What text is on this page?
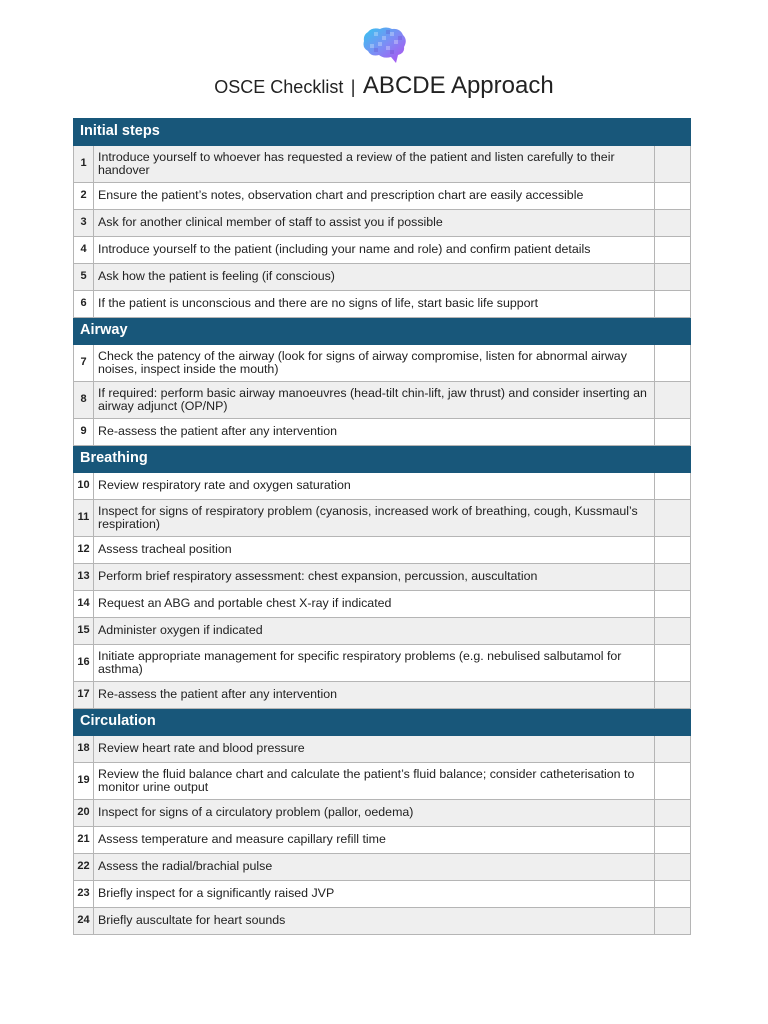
OSCE Checklist | ABCDE Approach
Initial steps		
1	Introduce yourself to whoever has requested a review of the patient and listen carefully to their handover	
2	Ensure the patient’s notes, observation chart and prescription chart are easily accessible	
3	Ask for another clinical member of staff to assist you if possible	
4	Introduce yourself to the patient (including your name and role) and confirm patient details	
5	Ask how the patient is feeling (if conscious)	
6	If the patient is unconscious and there are no signs of life, start basic life support	
Airway		
7	Check the patency of the airway (look for signs of airway compromise, listen for abnormal airway noises, inspect inside the mouth)	
8	If required: perform basic airway manoeuvres (head-tilt chin-lift, jaw thrust) and consider inserting an airway adjunct (OP/NP)	
9	Re-assess the patient after any intervention	
Breathing		
10	Review respiratory rate and oxygen saturation	
11	Inspect for signs of respiratory problem (cyanosis, increased work of breathing, cough, Kussmaul’s respiration)	
12	Assess tracheal position	
13	Perform brief respiratory assessment: chest expansion, percussion, auscultation	
14	Request an ABG and portable chest X-ray if indicated	
15	Administer oxygen if indicated	
16	Initiate appropriate management for specific respiratory problems (e.g. nebulised salbutamol for asthma)	
17	Re-assess the patient after any intervention	
Circulation		
18	Review heart rate and blood pressure	
19	Review the fluid balance chart and calculate the patient’s fluid balance; consider catheterisation to monitor urine output	
20	Inspect for signs of a circulatory problem (pallor, oedema)	
21	Assess temperature and measure capillary refill time	
22	Assess the radial/brachial pulse	
23	Briefly inspect for a significantly raised JVP	
24	Briefly auscultate for heart sounds	
